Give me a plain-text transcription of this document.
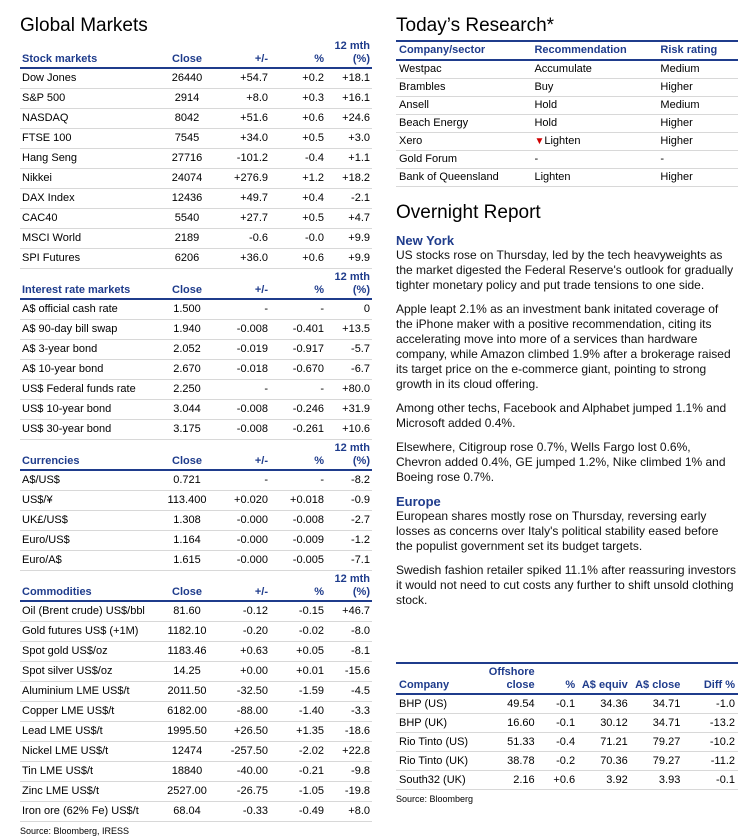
Global Markets
Stock markets	Close	+/-	%	12 mth (%)
Dow Jones	26440	+54.7	+0.2	+18.1
S&P 500	2914	+8.0	+0.3	+16.1
NASDAQ	8042	+51.6	+0.6	+24.6
FTSE 100	7545	+34.0	+0.5	+3.0
Hang Seng	27716	-101.2	-0.4	+1.1
Nikkei	24074	+276.9	+1.2	+18.2
DAX Index	12436	+49.7	+0.4	-2.1
CAC40	5540	+27.7	+0.5	+4.7
MSCI World	2189	-0.6	-0.0	+9.9
SPI Futures	6206	+36.0	+0.6	+9.9
Interest rate markets	Close	+/-	%	12 mth (%)
A$ official cash rate	1.500	-	-	0
A$ 90-day bill swap	1.940	-0.008	-0.401	+13.5
A$ 3-year bond	2.052	-0.019	-0.917	-5.7
A$ 10-year bond	2.670	-0.018	-0.670	-6.7
US$ Federal funds rate	2.250	-	-	+80.0
US$ 10-year bond	3.044	-0.008	-0.246	+31.9
US$ 30-year bond	3.175	-0.008	-0.261	+10.6
Currencies	Close	+/-	%	12 mth (%)
A$/US$	0.721	-	-	-8.2
US$/¥	113.400	+0.020	+0.018	-0.9
UK£/US$	1.308	-0.000	-0.008	-2.7
Euro/US$	1.164	-0.000	-0.009	-1.2
Euro/A$	1.615	-0.000	-0.005	-7.1
Commodities	Close	+/-	%	12 mth (%)
Oil (Brent crude) US$/bbl	81.60	-0.12	-0.15	+46.7
Gold futures US$ (+1M)	1182.10	-0.20	-0.02	-8.0
Spot gold US$/oz	1183.46	+0.63	+0.05	-8.1
Spot silver US$/oz	14.25	+0.00	+0.01	-15.6
Aluminium LME US$/t	2011.50	-32.50	-1.59	-4.5
Copper LME US$/t	6182.00	-88.00	-1.40	-3.3
Lead LME US$/t	1995.50	+26.50	+1.35	-18.6
Nickel LME US$/t	12474	-257.50	-2.02	+22.8
Tin LME US$/t	18840	-40.00	-0.21	-9.8
Zinc LME US$/t	2527.00	-26.75	-1.05	-19.8
Iron ore (62% Fe) US$/t	68.04	-0.33	-0.49	+8.0
Source: Bloomberg, IRESS
Today’s Research*
Company/sector	Recommendation	Risk rating
Westpac	Accumulate	Medium
Brambles	Buy	Higher
Ansell	Hold	Medium
Beach Energy	Hold	Higher
Xero	▼Lighten	Higher
Gold Forum	-	-
Bank of Queensland	Lighten	Higher
Overnight Report
New York

US stocks rose on Thursday, led by the tech heavyweights as the market digested the Federal Reserve's outlook for gradually tighter monetary policy and put trade tensions to one side.

Apple leapt 2.1% as an investment bank initated coverage of the iPhone maker with a positive recommendation, citing its accelerating move into more of a services than hardware company, while Amazon climbed 1.9% after a brokerage raised its target price on the e-commerce giant, pointing to strong growth in its cloud offering.

Among other techs, Facebook and Alphabet jumped 1.1% and Microsoft added 0.4%.

Elsewhere, Citigroup rose 0.7%, Wells Fargo lost 0.6%, Chevron added 0.4%, GE jumped 1.2%, Nike climbed 1% and Boeing rose 0.7%.

Europe

European shares mostly rose on Thursday, reversing early losses as concerns over Italy's political stability eased before the populist government set its budget targets.

Swedish fashion retailer spiked 11.1% after reassuring investors it would not need to cut costs any further to shift unsold clothing stock.

Company	Offshore close	%	A$ equiv	A$ close	Diff %
BHP (US)	49.54	-0.1	34.36	34.71	-1.0
BHP (UK)	16.60	-0.1	30.12	34.71	-13.2
Rio Tinto (US)	51.33	-0.4	71.21	79.27	-10.2
Rio Tinto (UK)	38.78	-0.2	70.36	79.27	-11.2
South32 (UK)	2.16	+0.6	3.92	3.93	-0.1
Source: Bloomberg
